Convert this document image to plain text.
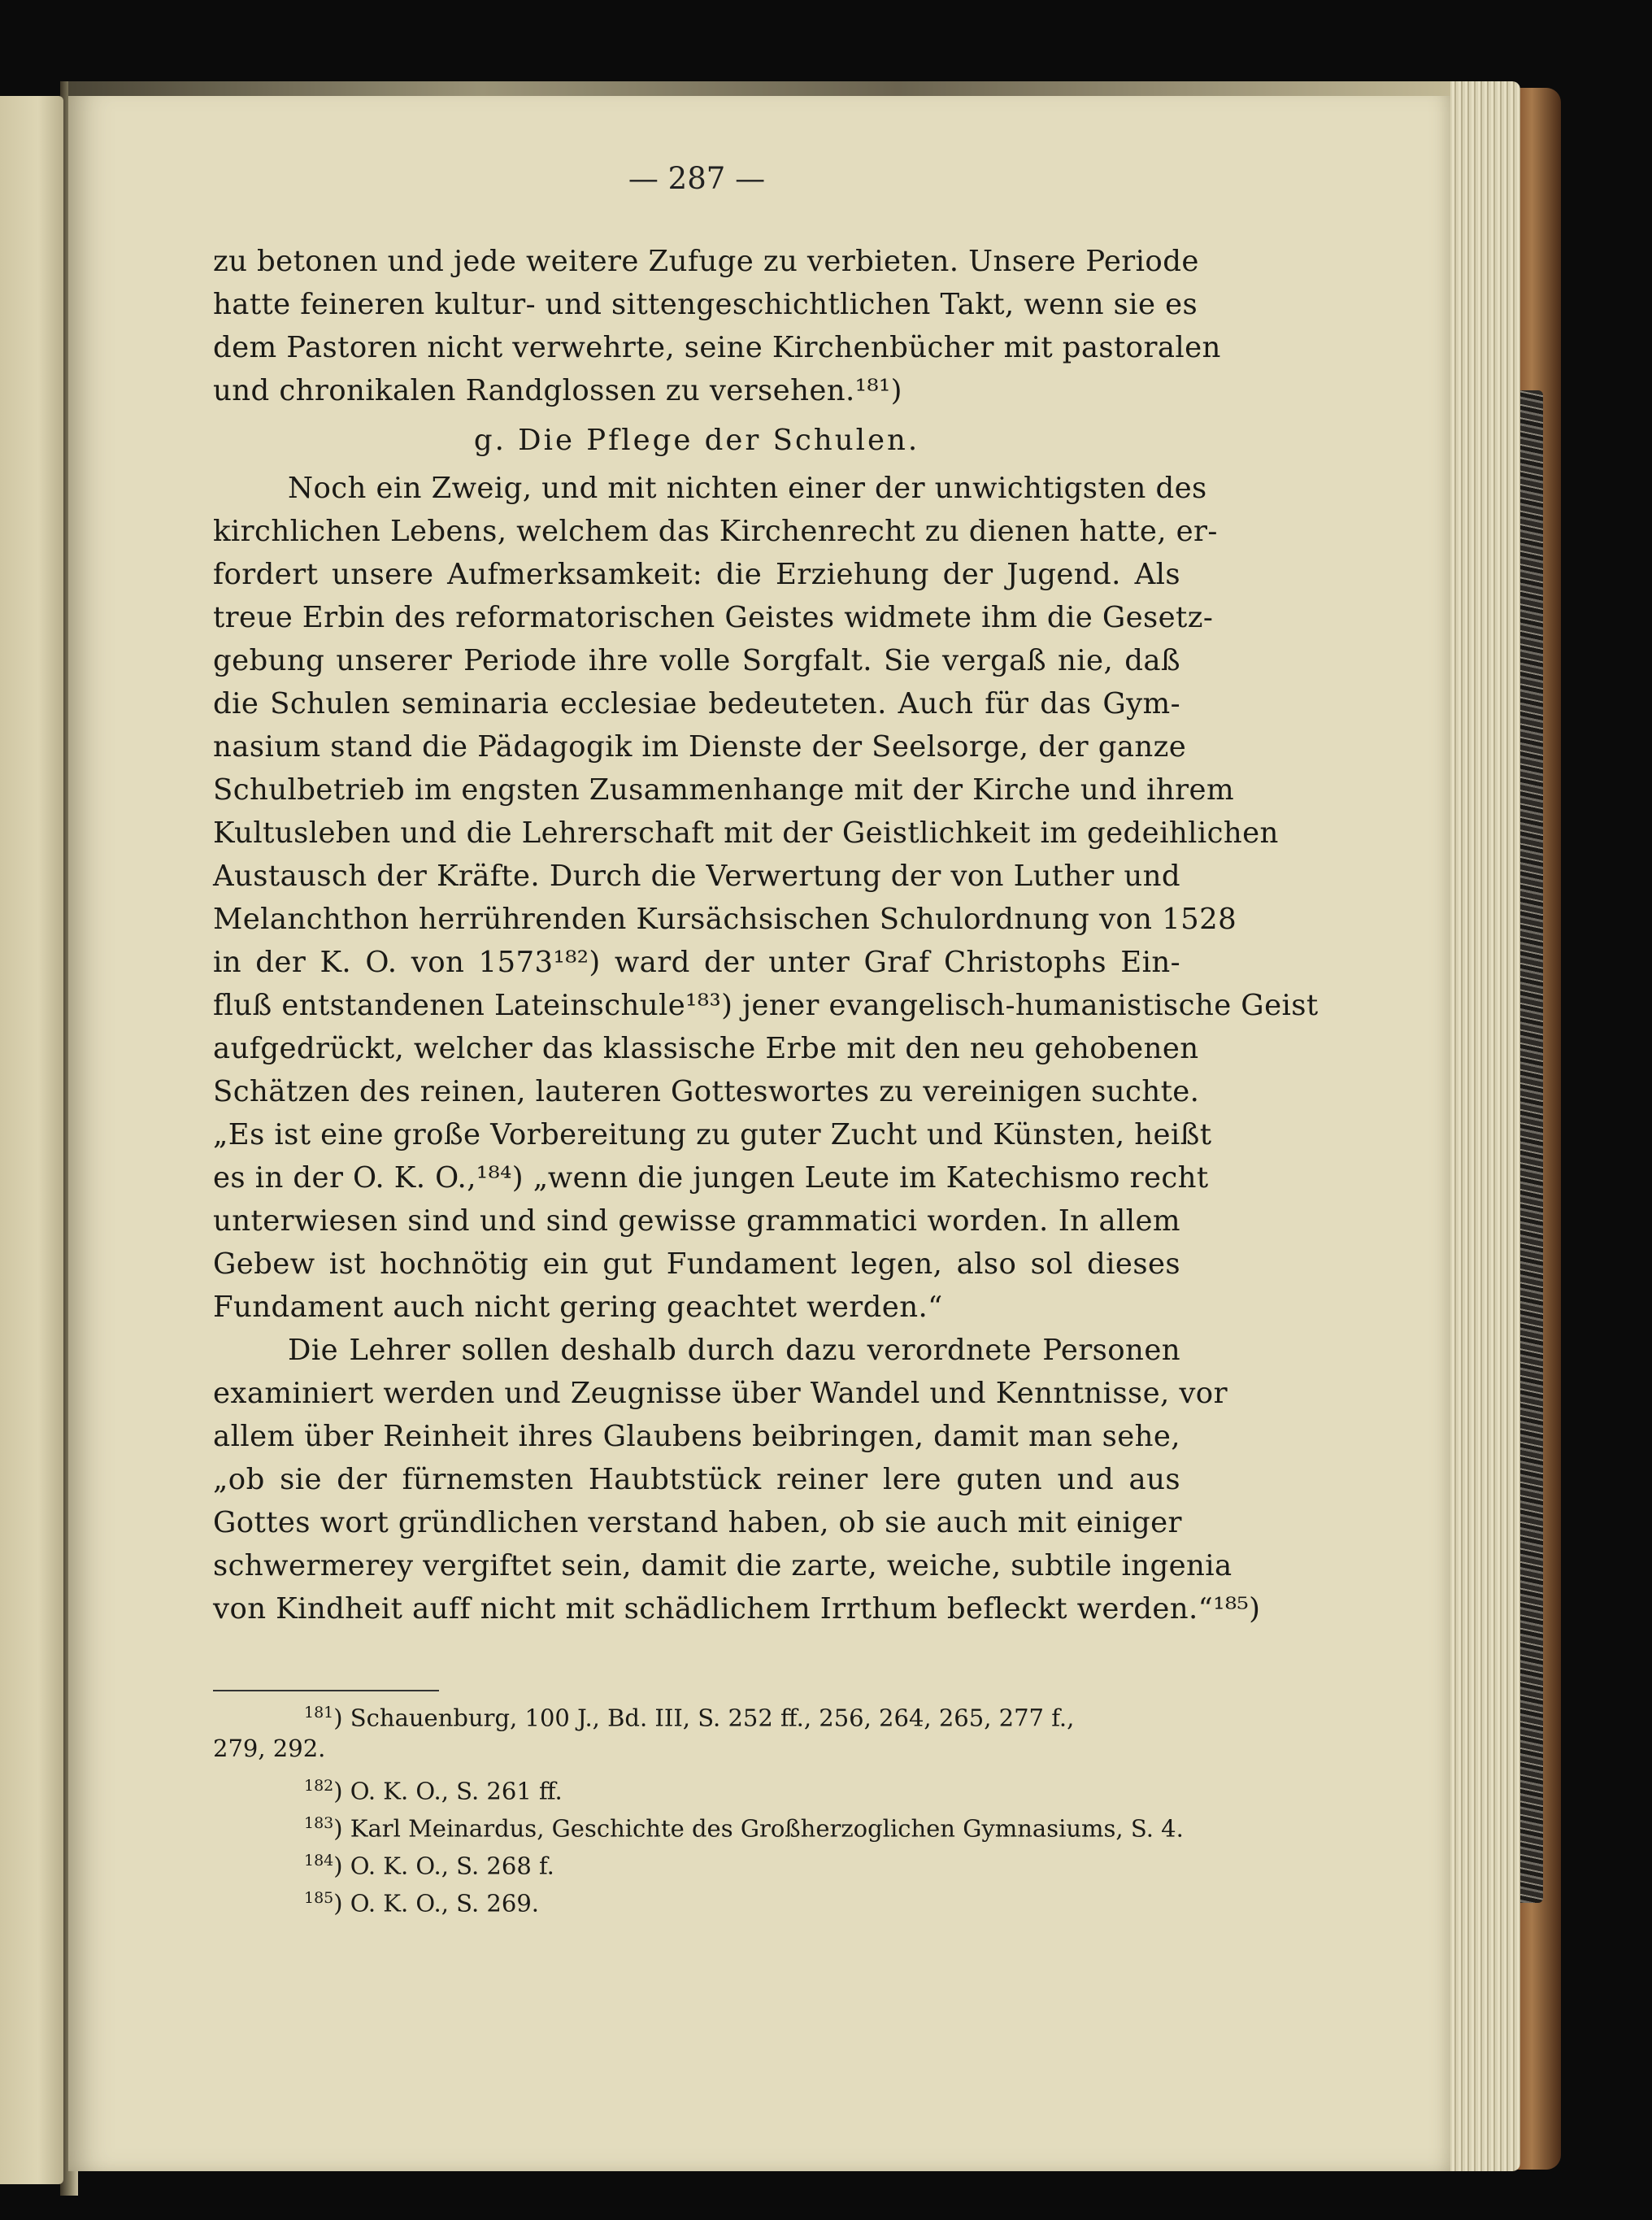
— 287 —
zu betonen und jede weitere Zufuge zu verbieten. Unsere Periode
hatte feineren kultur- und sittengeschichtlichen Takt, wenn sie es
dem Pastoren nicht verwehrte, seine Kirchenbücher mit pastoralen
und chronikalen Randglossen zu versehen.¹⁸¹)
g. Die Pflege der Schulen.
Noch ein Zweig, und mit nichten einer der unwichtigsten des
kirchlichen Lebens, welchem das Kirchenrecht zu dienen hatte, er-
fordert unsere Aufmerksamkeit: die Erziehung der Jugend. Als
treue Erbin des reformatorischen Geistes widmete ihm die Gesetz-
gebung unserer Periode ihre volle Sorgfalt. Sie vergaß nie, daß
die Schulen seminaria ecclesiae bedeuteten. Auch für das Gym-
nasium stand die Pädagogik im Dienste der Seelsorge, der ganze
Schulbetrieb im engsten Zusammenhange mit der Kirche und ihrem
Kultusleben und die Lehrerschaft mit der Geistlichkeit im gedeihlichen
Austausch der Kräfte. Durch die Verwertung der von Luther und
Melanchthon herrührenden Kursächsischen Schulordnung von 1528
in der K. O. von 1573¹⁸²) ward der unter Graf Christophs Ein-
fluß entstandenen Lateinschule¹⁸³) jener evangelisch-humanistische Geist
aufgedrückt, welcher das klassische Erbe mit den neu gehobenen
Schätzen des reinen, lauteren Gotteswortes zu vereinigen suchte.
„Es ist eine große Vorbereitung zu guter Zucht und Künsten, heißt
es in der O. K. O.,¹⁸⁴) „wenn die jungen Leute im Katechismo recht
unterwiesen sind und sind gewisse grammatici worden. In allem
Gebew ist hochnötig ein gut Fundament legen, also sol dieses
Fundament auch nicht gering geachtet werden.“
Die Lehrer sollen deshalb durch dazu verordnete Personen
examiniert werden und Zeugnisse über Wandel und Kenntnisse, vor
allem über Reinheit ihres Glaubens beibringen, damit man sehe,
„ob sie der fürnemsten Haubtstück reiner lere guten und aus
Gottes wort gründlichen verstand haben, ob sie auch mit einiger
schwermerey vergiftet sein, damit die zarte, weiche, subtile ingenia
von Kindheit auff nicht mit schädlichem Irrthum befleckt werden.“¹⁸⁵)
$^{181}$) Schauenburg, 100 J., Bd. III, S. 252 ff., 256, 264, 265, 277 f.,
279, 292.
$^{182}$) O. K. O., S. 261 ff.
$^{183}$) Karl Meinardus, Geschichte des Großherzoglichen Gymnasiums, S. 4.
$^{184}$) O. K. O., S. 268 f.
$^{185}$) O. K. O., S. 269.
